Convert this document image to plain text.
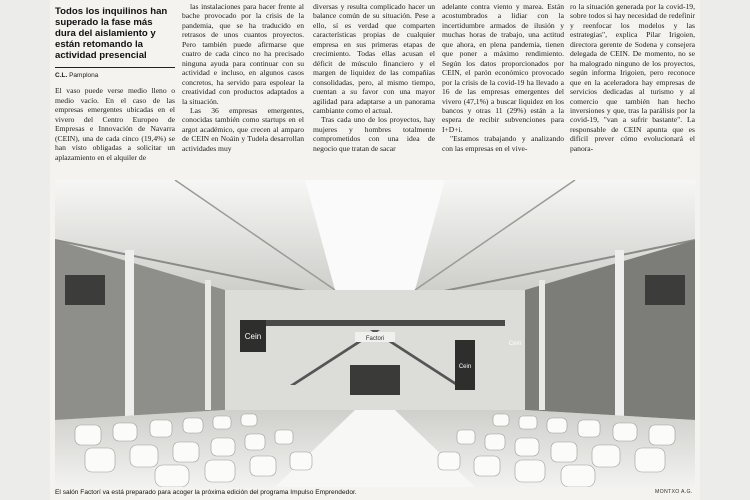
Todos los inquilinos han superado la fase más dura del aislamiento y están retomando la actividad presencial

C.L. Pamplona

El vaso puede verse medio lleno o medio vacío. En el caso de las empresas emergentes ubicadas en el vivero del Centro Europeo de Empresas e Innovación de Navarra (CEIN), una de cada cinco (19,4%) se han visto obligadas a solicitar un aplazamiento en el alquiler de

las instalaciones para hacer frente al bache provocado por la crisis de la pandemia, que se ha traducido en retrasos de unos cuantos proyectos. Pero también puede afirmarse que cuatro de cada cinco no ha precisado ninguna ayuda para continuar con su actividad e incluso, en algunos casos concretos, ha servido para espolear la creatividad con productos adaptados a la situación.

Las 36 empresas emergentes, conocidas también como startups en el argot académico, que crecen al amparo de CEIN en Noáin y Tudela desarrollan actividades muy

diversas y resulta complicado hacer un balance común de su situación. Pese a ello, sí es verdad que comparten características propias de cualquier empresa en sus primeras etapas de crecimiento. Todas ellas acusan el déficit de músculo financiero y el margen de liquidez de las compañías consolidadas, pero, al mismo tiempo, cuentan a su favor con una mayor agilidad para adaptarse a un panorama cambiante como el actual.

Tras cada uno de los proyectos, hay mujeres y hombres totalmente comprometidos con una idea de negocio que tratan de sacar

adelante contra viento y marea. Están acostumbrados a lidiar con la incertidumbre armados de ilusión y muchas horas de trabajo, una actitud que ahora, en plena pandemia, tienen que poner a máximo rendimiento. Según los datos proporcionados por CEIN, el parón económico provocado por la crisis de la covid-19 ha llevado a 16 de las empresas emergentes del vivero (47,1%) a buscar liquidez en los bancos y otras 11 (29%) están a la espera de recibir subvenciones para I+D+i.

"Estamos trabajando y analizando con las empresas en el vive-

ro la situación generada por la covid-19, sobre todos si hay necesidad de redefinir y reenfocar los modelos y las estrategias", explica Pilar Irigoien, directora gerente de Sodena y consejera delegada de CEIN. De momento, no se ha malogrado ninguno de los proyectos, según informa Irigoien, pero reconoce que en la aceleradora hay empresas de servicios dedicadas al turismo y al comercio que también han hecho inversiones y que, tras la parálisis por la covid-19, "van a sufrir bastante". La responsable de CEIN apunta que es difícil prever cómo evolucionará el panora-

Cein	Factori
Cein
Cein
El salón Factorí va está preparado para acoger la próxima edición del programa Impulso Emprendedor.	MONTXO A.G.
